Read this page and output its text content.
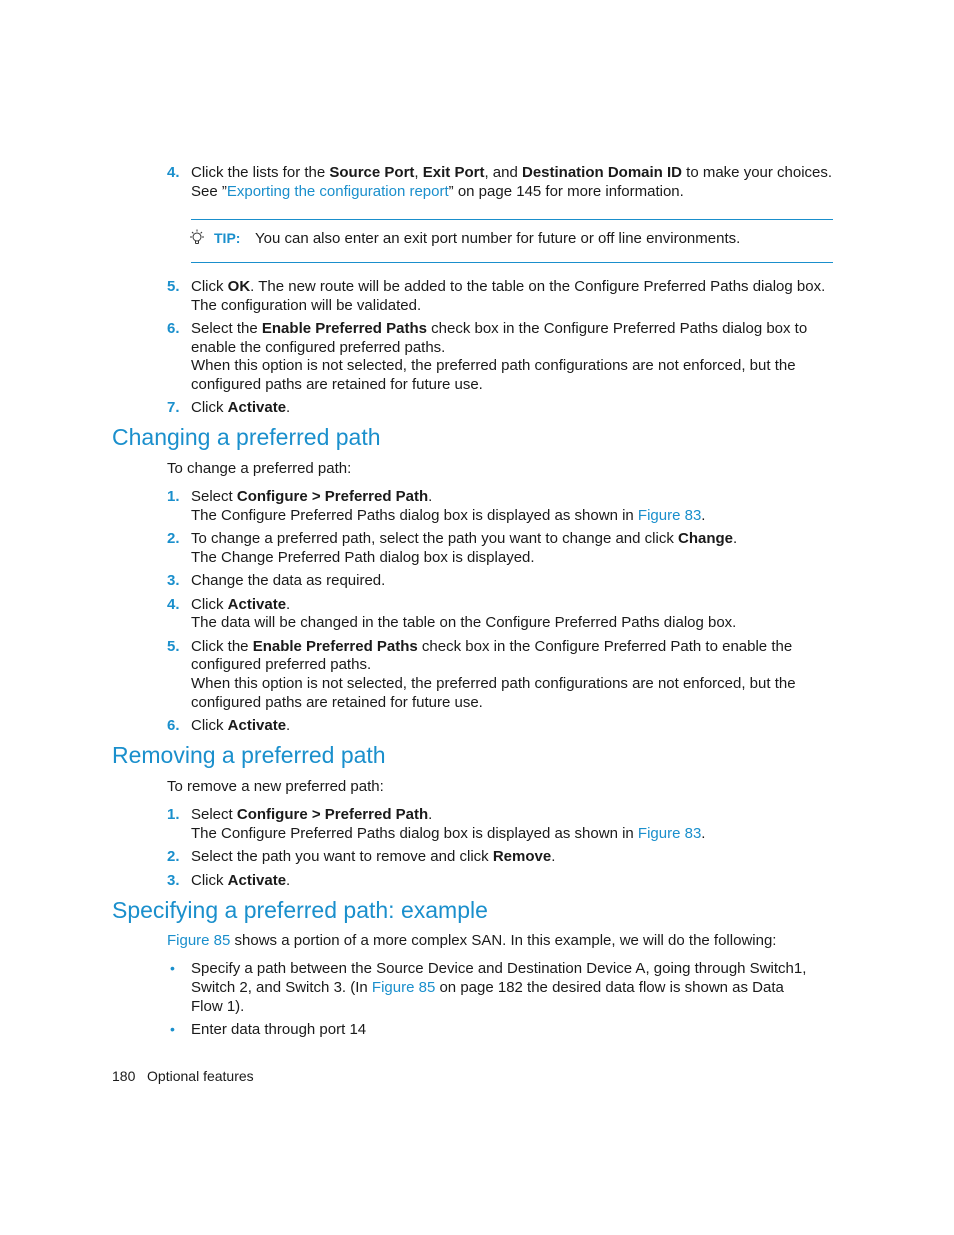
4. Click the lists for the Source Port, Exit Port, and Destination Domain ID to make your choices.
See ”Exporting the configuration report” on page 145 for more information.
TIP: You can also enter an exit port number for future or off line environments.
5. Click OK. The new route will be added to the table on the Configure Preferred Paths dialog box.
The configuration will be validated.
6. Select the Enable Preferred Paths check box in the Configure Preferred Paths dialog box to
enable the configured preferred paths.
When this option is not selected, the preferred path configurations are not enforced, but the
configured paths are retained for future use.
7. Click Activate.
Changing a preferred path
To change a preferred path:
1. Select Configure > Preferred Path.
The Configure Preferred Paths dialog box is displayed as shown in Figure 83.
2. To change a preferred path, select the path you want to change and click Change.
The Change Preferred Path dialog box is displayed.
3. Change the data as required.
4. Click Activate.
The data will be changed in the table on the Configure Preferred Paths dialog box.
5. Click the Enable Preferred Paths check box in the Configure Preferred Path to enable the
configured preferred paths.
When this option is not selected, the preferred path configurations are not enforced, but the
configured paths are retained for future use.
6. Click Activate.
Removing a preferred path
To remove a new preferred path:
1. Select Configure > Preferred Path.
The Configure Preferred Paths dialog box is displayed as shown in Figure 83.
2. Select the path you want to remove and click Remove.
3. Click Activate.
Specifying a preferred path: example
Figure 85 shows a portion of a more complex SAN. In this example, we will do the following:
• Specify a path between the Source Device and Destination Device A, going through Switch1,
Switch 2, and Switch 3. (In Figure 85 on page 182 the desired data flow is shown as Data
Flow 1).
• Enter data through port 14
180 Optional features
